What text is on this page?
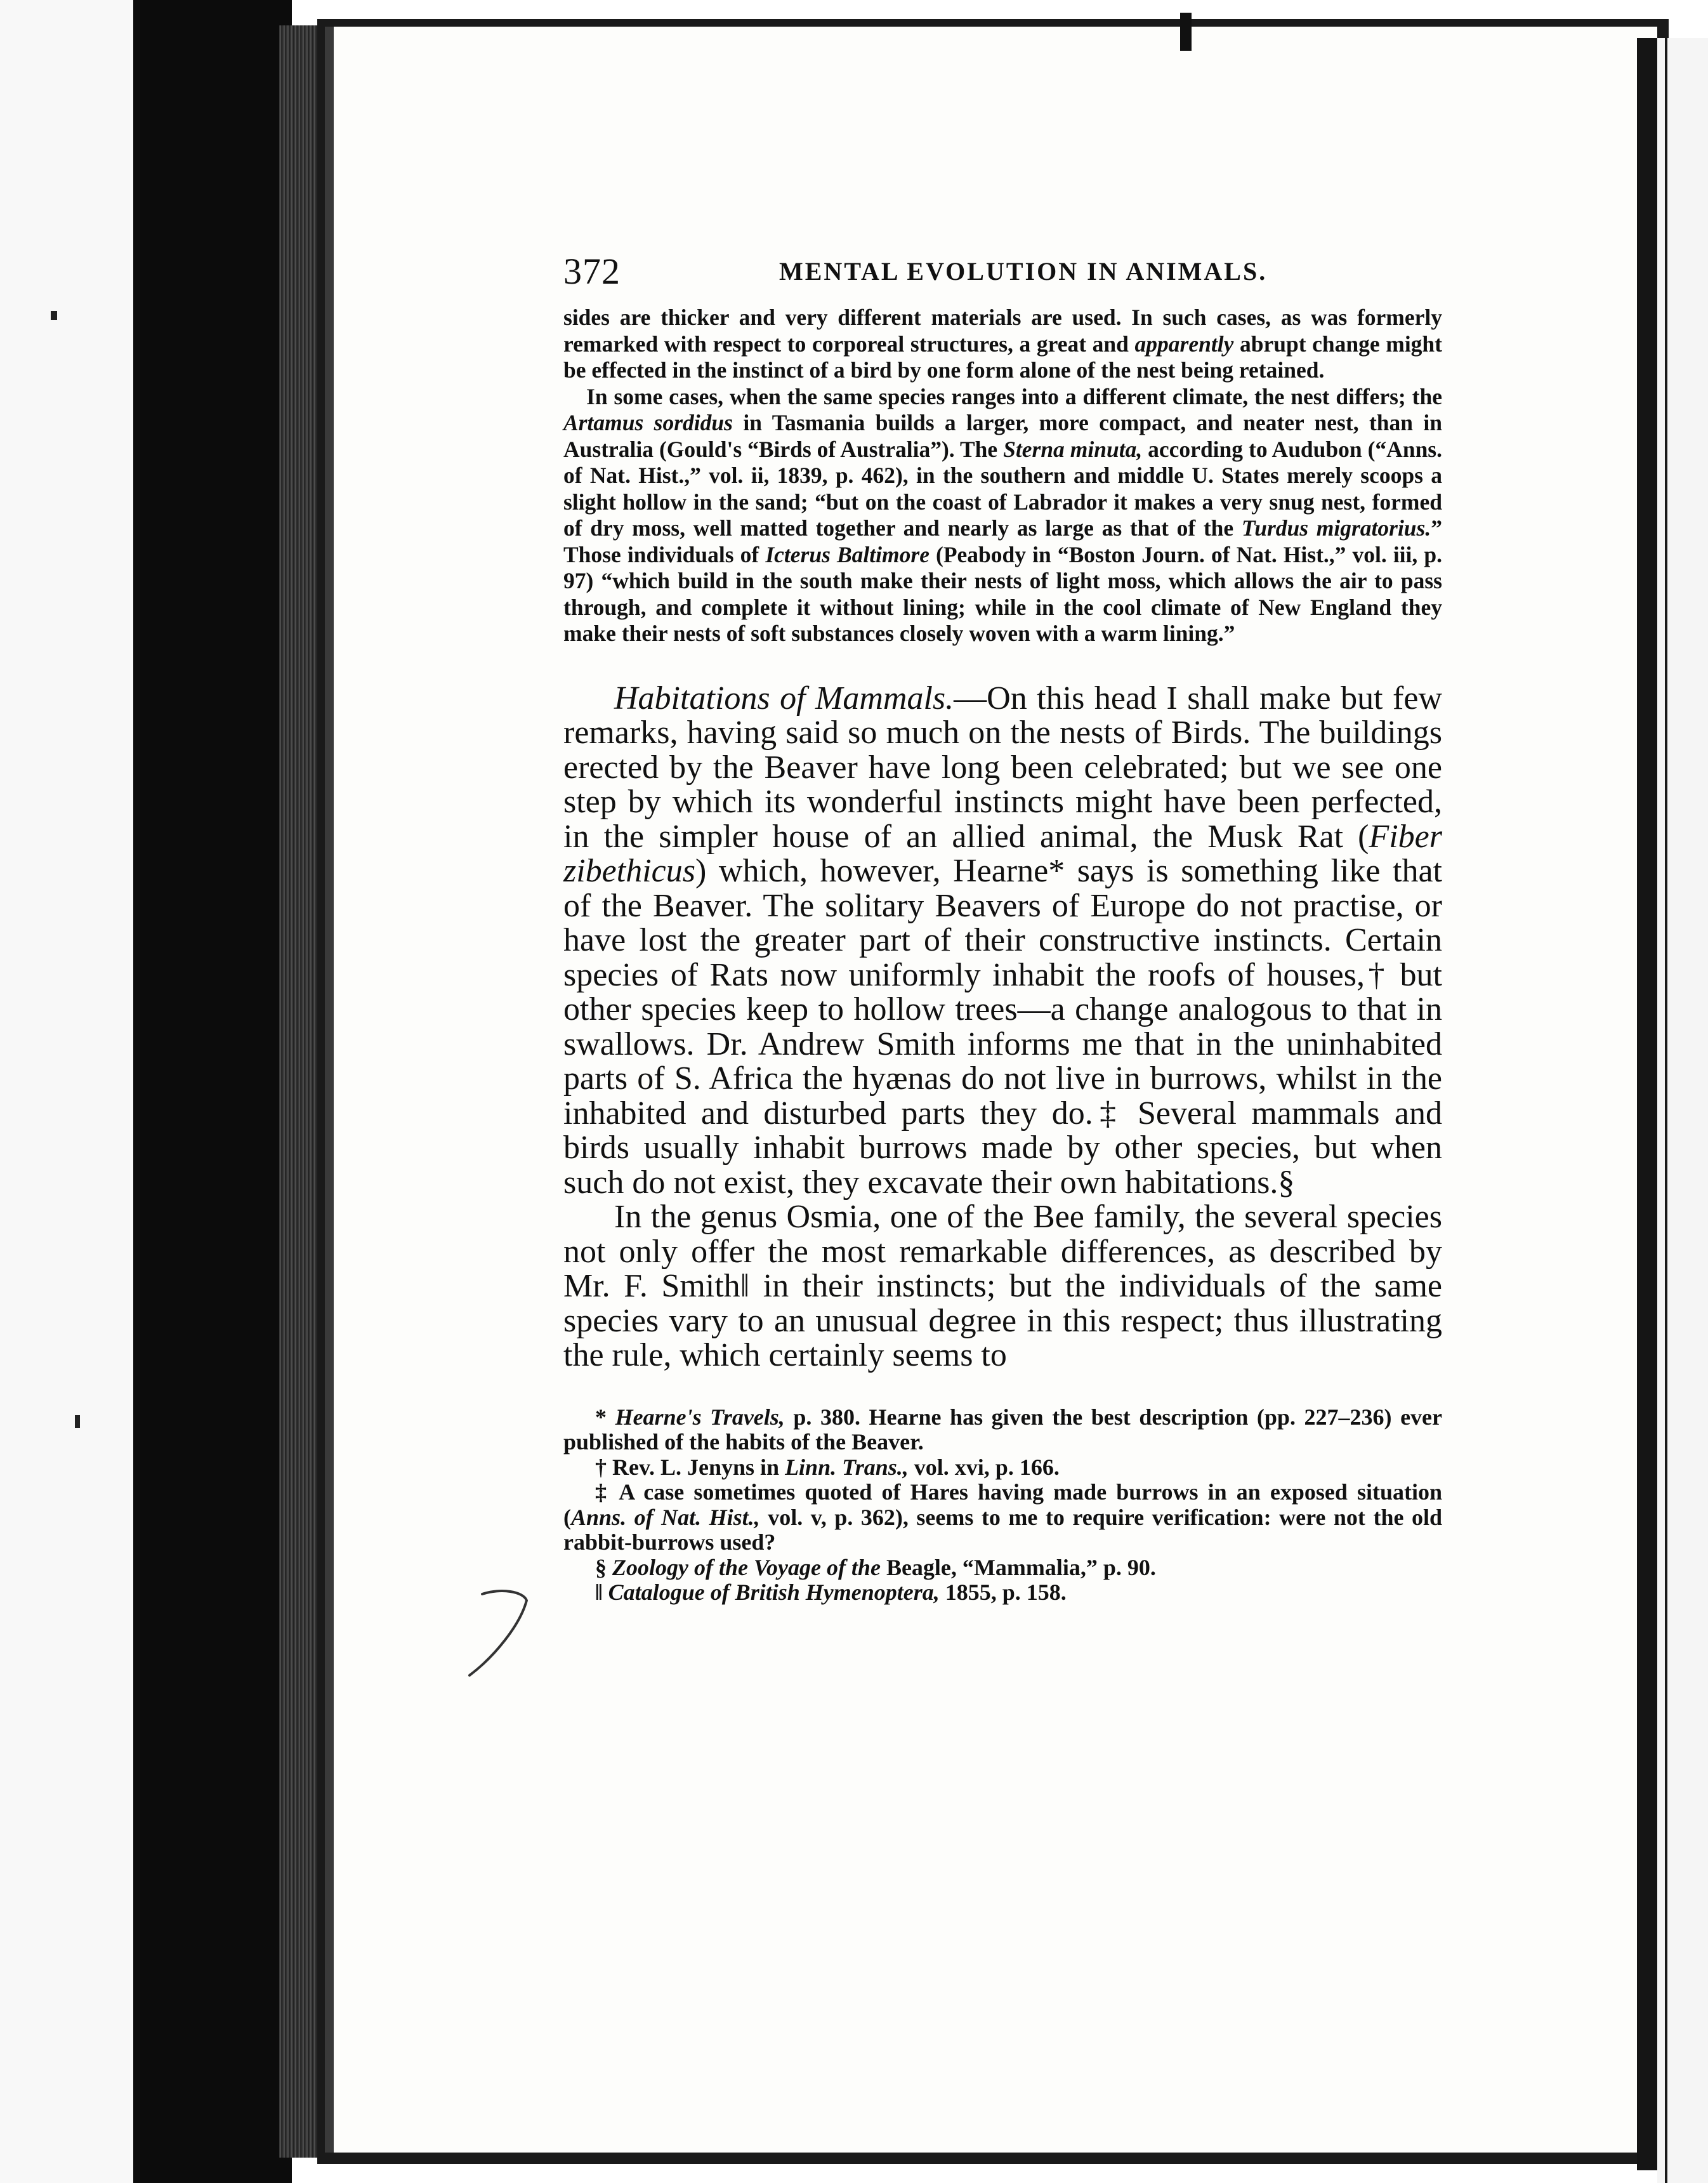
372	MENTAL EVOLUTION IN ANIMALS.

sides are thicker and very different materials are used. In such cases, as was formerly remarked with respect to corporeal structures, a great and apparently abrupt change might be effected in the instinct of a bird by one form alone of the nest being retained.

In some cases, when the same species ranges into a different climate, the nest differs; the Artamus sordidus in Tasmania builds a larger, more compact, and neater nest, than in Australia (Gould's “Birds of Australia”). The Sterna minuta, according to Audubon (“Anns. of Nat. Hist.,” vol. ii, 1839, p. 462), in the southern and middle U. States merely scoops a slight hollow in the sand; “but on the coast of Labrador it makes a very snug nest, formed of dry moss, well matted together and nearly as large as that of the Turdus migratorius.” Those individuals of Icterus Baltimore (Peabody in “Boston Journ. of Nat. Hist.,” vol. iii, p. 97) “which build in the south make their nests of light moss, which allows the air to pass through, and complete it without lining; while in the cool climate of New England they make their nests of soft substances closely woven with a warm lining.”

Habitations of Mammals.—On this head I shall make but few remarks, having said so much on the nests of Birds. The buildings erected by the Beaver have long been celebrated; but we see one step by which its wonderful instincts might have been perfected, in the simpler house of an allied animal, the Musk Rat (Fiber zibethicus) which, however, Hearne* says is something like that of the Beaver. The solitary Beavers of Europe do not practise, or have lost the greater part of their constructive instincts. Certain species of Rats now uniformly inhabit the roofs of houses,† but other species keep to hollow trees—a change analogous to that in swallows. Dr. Andrew Smith informs me that in the uninhabited parts of S. Africa the hyænas do not live in burrows, whilst in the inhabited and disturbed parts they do.‡ Several mammals and birds usually inhabit burrows made by other species, but when such do not exist, they excavate their own habitations.§

In the genus Osmia, one of the Bee family, the several species not only offer the most remarkable differences, as described by Mr. F. Smith‖ in their instincts; but the individuals of the same species vary to an unusual degree in this respect; thus illustrating the rule, which certainly seems to

* Hearne's Travels, p. 380. Hearne has given the best description (pp. 227–236) ever published of the habits of the Beaver.

† Rev. L. Jenyns in Linn. Trans., vol. xvi, p. 166.

‡ A case sometimes quoted of Hares having made burrows in an exposed situation (Anns. of Nat. Hist., vol. v, p. 362), seems to me to require verification: were not the old rabbit-burrows used?

§ Zoology of the Voyage of the Beagle, “Mammalia,” p. 90.

‖ Catalogue of British Hymenoptera, 1855, p. 158.
